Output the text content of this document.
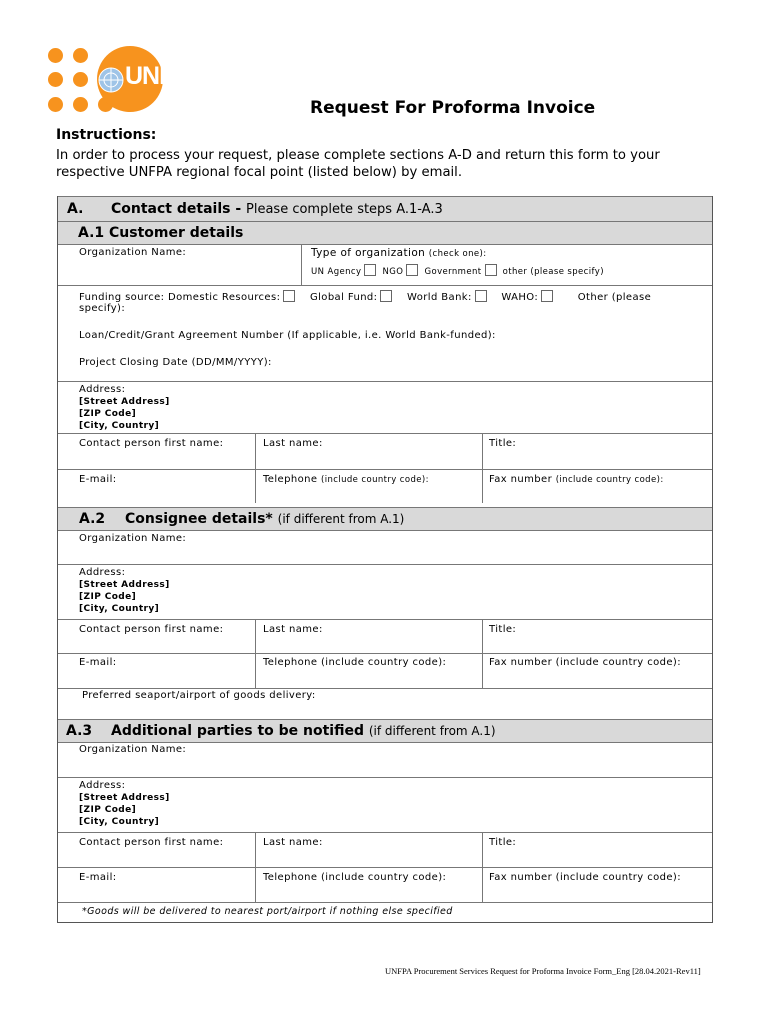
UNFPA
Request For Proforma Invoice
Instructions:
In order to process your request, please complete sections A-D and return this form to your respective UNFPA regional focal point (listed below) by email.
A. Contact details - Please complete steps A.1-A.3
A.1 Customer details
Organization Name:	Type of organization (check one):
UN Agency NGO Government other (please specify)
Funding source: Domestic Resources:	Global Fund:	World Bank:	WAHO:	Other (please
specify):
Loan/Credit/Grant Agreement Number (If applicable, i.e. World Bank-funded):
Project Closing Date (DD/MM/YYYY):
Address:
[Street Address]
[ZIP Code]
[City, Country]
Contact person first name:	Last name:	Title:
E-mail:	Telephone (include country code):	Fax number (include country code):
A.2 Consignee details* (if different from A.1)
Organization Name:
Address:
[Street Address]
[ZIP Code]
[City, Country]
Contact person first name:	Last name:	Title:
E-mail:	Telephone (include country code):	Fax number (include country code):
Preferred seaport/airport of goods delivery:
A.3 Additional parties to be notified (if different from A.1)
Organization Name:
Address:
[Street Address]
[ZIP Code]
[City, Country]
Contact person first name:	Last name:	Title:
E-mail:	Telephone (include country code):	Fax number (include country code):
*Goods will be delivered to nearest port/airport if nothing else specified
UNFPA Procurement Services Request for Proforma Invoice Form_Eng [28.04.2021-Rev11]
